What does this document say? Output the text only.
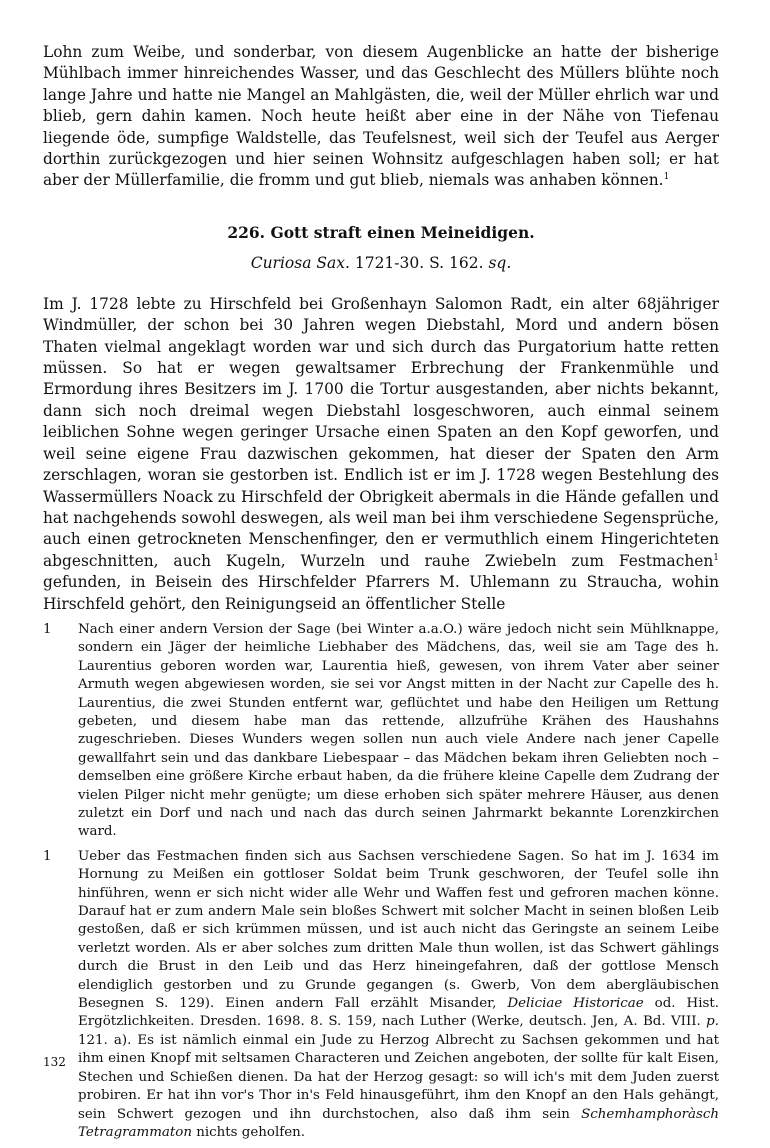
Lohn zum Weibe, und sonderbar, von diesem Augenblicke an hatte der bisherige Mühlbach immer hinreichendes Wasser, und das Geschlecht des Müllers blühte noch lange Jahre und hatte nie Mangel an Mahlgästen, die, weil der Müller ehrlich war und blieb, gern dahin kamen. Noch heute heißt aber eine in der Nähe von Tiefenau liegende öde, sumpfige Waldstelle, das Teufelsnest, weil sich der Teufel aus Aerger dorthin zurückgezogen und hier seinen Wohnsitz aufgeschlagen haben soll; er hat aber der Müllerfamilie, die fromm und gut blieb, niemals was anhaben können.$^1$

226. Gott straft einen Meineidigen.
Curiosa Sax. 1721-30. S. 162. sq.

Im J. 1728 lebte zu Hirschfeld bei Großenhayn Salomon Radt, ein alter 68jähriger Windmüller, der schon bei 30 Jahren wegen Diebstahl, Mord und andern bösen Thaten vielmal angeklagt worden war und sich durch das Purgatorium hatte retten müssen. So hat er wegen gewaltsamer Erbrechung der Frankenmühle und Ermordung ihres Besitzers im J. 1700 die Tortur ausgestanden, aber nichts bekannt, dann sich noch dreimal wegen Diebstahl losgeschworen, auch einmal seinem leiblichen Sohne wegen geringer Ursache einen Spaten an den Kopf geworfen, und weil seine eigene Frau dazwischen gekommen, hat dieser der Spaten den Arm zerschlagen, woran sie gestorben ist. Endlich ist er im J. 1728 wegen Bestehlung des Wassermüllers Noack zu Hirschfeld der Obrigkeit abermals in die Hände gefallen und hat nachgehends sowohl deswegen, als weil man bei ihm verschiedene Segensprüche, auch einen getrockneten Menschenfinger, den er vermuthlich einem Hingerichteten abgeschnitten, auch Kugeln, Wurzeln und rauhe Zwiebeln zum Festmachen$^1$ gefunden, in Beisein des Hirschfelder Pfarrers M. Uhlemann zu Straucha, wohin Hirschfeld gehört, den Reinigungseid an öffentlicher Stelle

1	Nach einer andern Version der Sage (bei Winter a.a.O.) wäre jedoch nicht sein Mühlknappe, sondern ein Jäger der heimliche Liebhaber des Mädchens, das, weil sie am Tage des h. Laurentius geboren worden war, Laurentia hieß, gewesen, von ihrem Vater aber seiner Armuth wegen abgewiesen worden, sie sei vor Angst mitten in der Nacht zur Capelle des h. Laurentius, die zwei Stunden entfernt war, geflüchtet und habe den Heiligen um Rettung gebeten, und diesem habe man das rettende, allzufrühe Krähen des Haushahns zugeschrieben. Dieses Wunders wegen sollen nun auch viele Andere nach jener Capelle gewallfahrt sein und das dankbare Liebespaar – das Mädchen bekam ihren Geliebten noch – demselben eine größere Kirche erbaut haben, da die frühere kleine Capelle dem Zudrang der vielen Pilger nicht mehr genügte; um diese erhoben sich später mehrere Häuser, aus denen zuletzt ein Dorf und nach und nach das durch seinen Jahrmarkt bekannte Lorenzkirchen ward.
1	Ueber das Festmachen finden sich aus Sachsen verschiedene Sagen. So hat im J. 1634 im Hornung zu Meißen ein gottloser Soldat beim Trunk geschworen, der Teufel solle ihn hinführen, wenn er sich nicht wider alle Wehr und Waffen fest und gefroren machen könne. Darauf hat er zum andern Male sein bloßes Schwert mit solcher Macht in seinen bloßen Leib gestoßen, daß er sich krümmen müssen, und ist auch nicht das Geringste an seinem Leibe verletzt worden. Als er aber solches zum dritten Male thun wollen, ist das Schwert gählings durch die Brust in den Leib und das Herz hineingefahren, daß der gottlose Mensch elendiglich gestorben und zu Grunde gegangen (s. Gwerb, Von dem abergläubischen Besegnen S. 129). Einen andern Fall erzählt Misander, Deliciae Historicae od. Hist. Ergötzlichkeiten. Dresden. 1698. 8. S. 159, nach Luther (Werke, deutsch. Jen, A. Bd. VIII. p. 121. a). Es ist nämlich einmal ein Jude zu Herzog Albrecht zu Sachsen gekommen und hat ihm einen Knopf mit seltsamen Characteren und Zeichen angeboten, der sollte für kalt Eisen, Stechen und Schießen dienen. Da hat der Herzog gesagt: so will ich's mit dem Juden zuerst probiren. Er hat ihn vor's Thor in's Feld hinausgeführt, ihm den Knopf an den Hals gehängt, sein Schwert gezogen und ihn durchstochen, also daß ihm sein Schemhamphoràsch Tetragrammaton nichts geholfen.
132
